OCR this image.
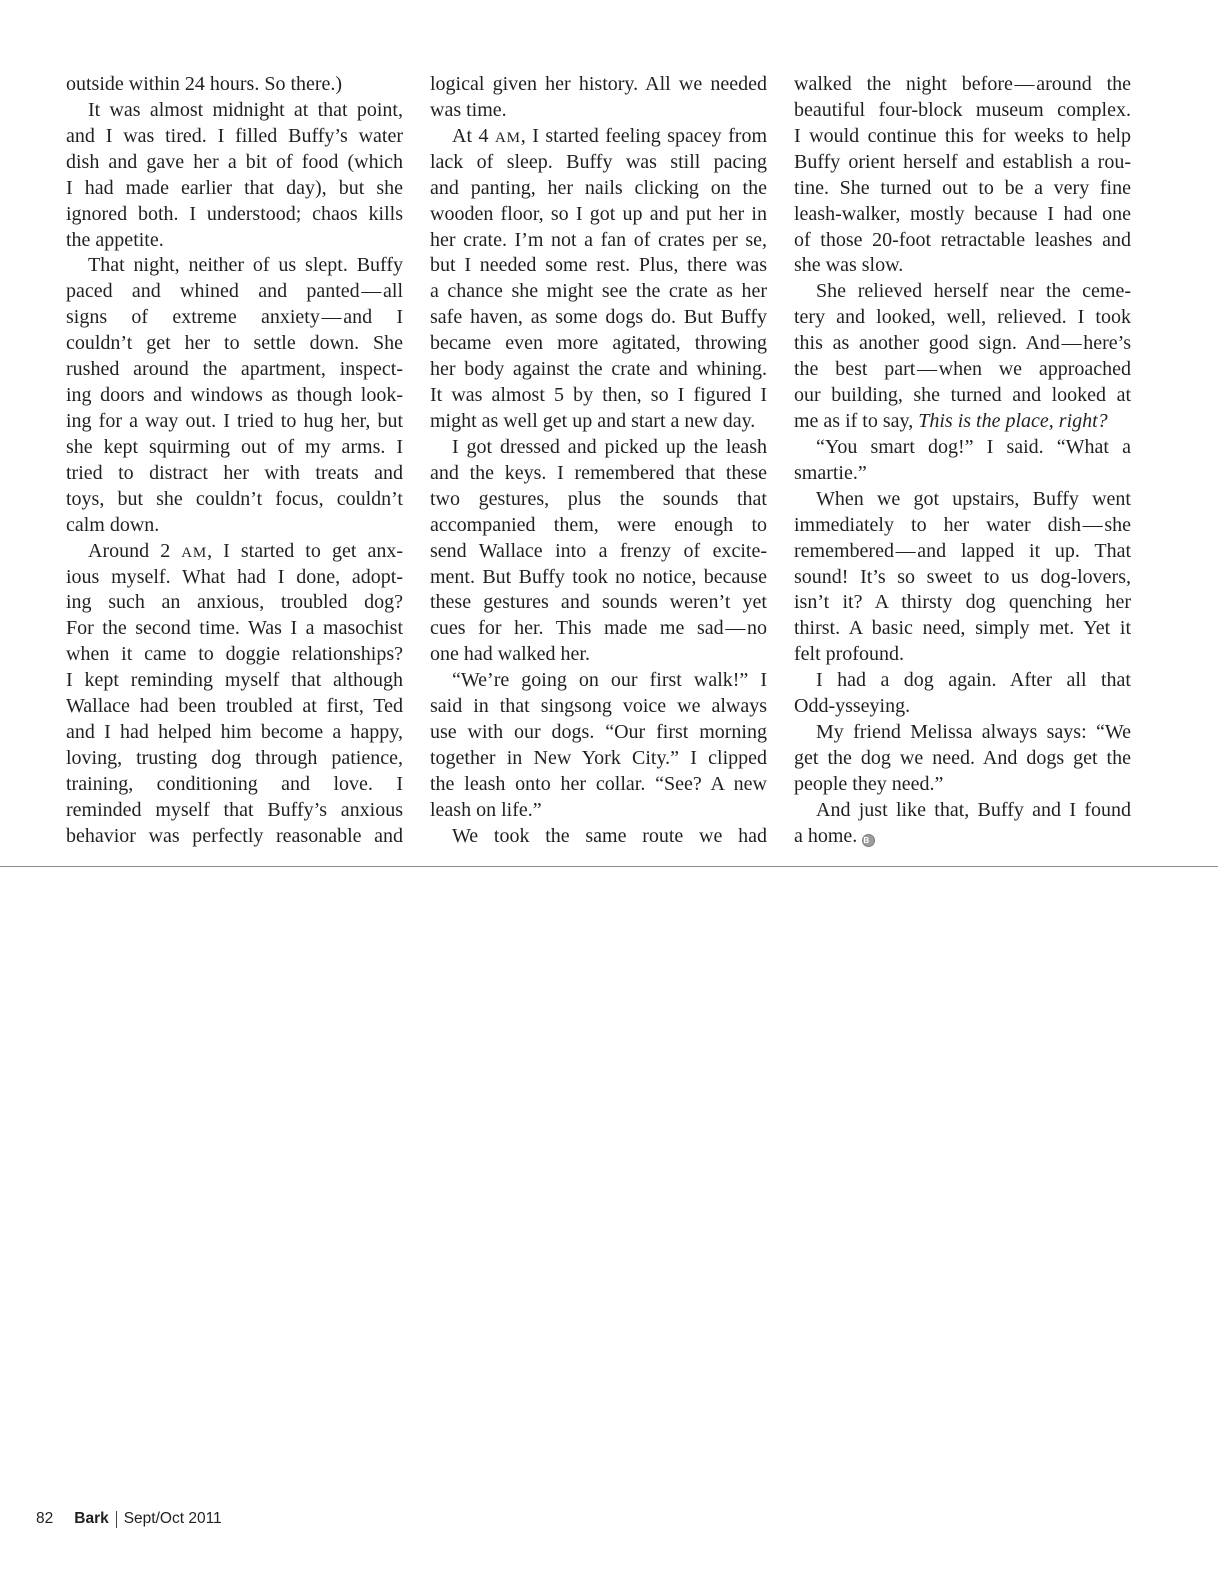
outside within 24 hours. So there.)
It was almost midnight at that point,
and I was tired. I filled Buffy’s water
dish and gave her a bit of food (which
I had made earlier that day), but she
ignored both. I understood; chaos kills
the appetite.
That night, neither of us slept. Buffy
paced and whined and panted — all
signs of extreme anxiety — and I
couldn’t get her to settle down. She
rushed around the apartment, inspect-
ing doors and windows as though look-
ing for a way out. I tried to hug her, but
she kept squirming out of my arms. I
tried to distract her with treats and
toys, but she couldn’t focus, couldn’t
calm down.
Around 2 AM, I started to get anx-
ious myself. What had I done, adopt-
ing such an anxious, troubled dog?
For the second time. Was I a masochist
when it came to doggie relationships?
I kept reminding myself that although
Wallace had been troubled at first, Ted
and I had helped him become a happy,
loving, trusting dog through patience,
training, conditioning and love. I
reminded myself that Buffy’s anxious
behavior was perfectly reasonable and
logical given her history. All we needed
was time.
At 4 AM, I started feeling spacey from
lack of sleep. Buffy was still pacing
and panting, her nails clicking on the
wooden floor, so I got up and put her in
her crate. I’m not a fan of crates per se,
but I needed some rest. Plus, there was
a chance she might see the crate as her
safe haven, as some dogs do. But Buffy
became even more agitated, throwing
her body against the crate and whining.
It was almost 5 by then, so I figured I
might as well get up and start a new day.
I got dressed and picked up the leash
and the keys. I remembered that these
two gestures, plus the sounds that
accompanied them, were enough to
send Wallace into a frenzy of excite-
ment. But Buffy took no notice, because
these gestures and sounds weren’t yet
cues for her. This made me sad — no
one had walked her.
“We’re going on our first walk!” I
said in that singsong voice we always
use with our dogs. “Our first morning
together in New York City.” I clipped
the leash onto her collar. “See? A new
leash on life.”
We took the same route we had
walked the night before — around the
beautiful four-block museum complex.
I would continue this for weeks to help
Buffy orient herself and establish a rou-
tine. She turned out to be a very fine
leash-walker, mostly because I had one
of those 20-foot retractable leashes and
she was slow.
She relieved herself near the ceme-
tery and looked, well, relieved. I took
this as another good sign. And — here’s
the best part — when we approached
our building, she turned and looked at
me as if to say, This is the place, right?
“You smart dog!” I said. “What a
smartie.”
When we got upstairs, Buffy went
immediately to her water dish — she
remembered — and lapped it up. That
sound! It’s so sweet to us dog-lovers,
isn’t it? A thirsty dog quenching her
thirst. A basic need, simply met. Yet it
felt profound.
I had a dog again. After all that
Odd-ysseying.
My friend Melissa always says: “We
get the dog we need. And dogs get the
people they need.”
And just like that, Buffy and I found
a home. B
82 Bark Sept/Oct 2011
